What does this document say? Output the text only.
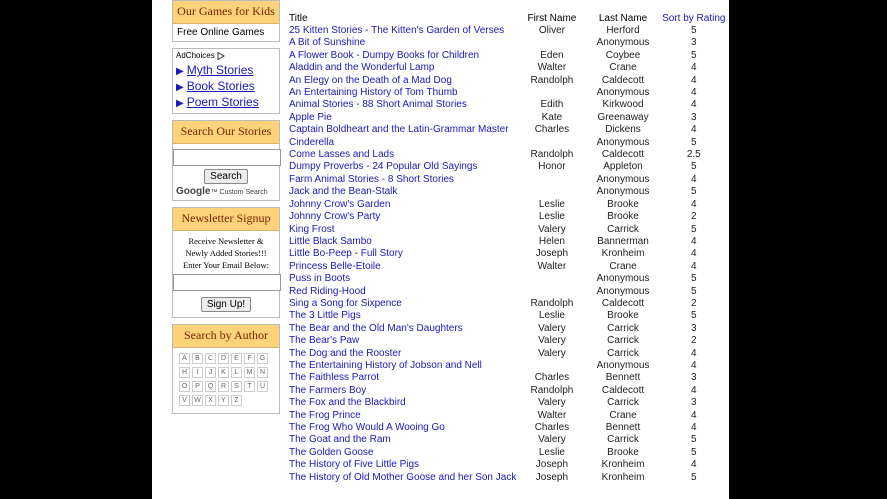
Our Games for Kids
Free Online Games
AdChoices
▶ Myth Stories
▶ Book Stories
▶ Poem Stories
Search Our Stories
Search
Google™ Custom Search
Newsletter Signup
Receive Newsletter &
Newly Added Stories!!!
Enter Your Email Below:
Sign Up!
Search by Author
A	B	C	D	E	F	G
H	I	J	K	L	M	N
O	P	Q	R	S	T	U
V	W	X	Y	Z
Title	First Name	Last Name	Sort by Rating
25 Kitten Stories - The Kitten's Garden of Verses	Oliver	Herford	5
A Bit of Sunshine		Anonymous	3
A Flower Book - Dumpy Books for Children	Eden	Coybee	5
Aladdin and the Wonderful Lamp	Walter	Crane	4
An Elegy on the Death of a Mad Dog	Randolph	Caldecott	4
An Entertaining History of Tom Thumb		Anonymous	4
Animal Stories - 88 Short Animal Stories	Edith	Kirkwood	4
Apple Pie	Kate	Greenaway	3
Captain Boldheart and the Latin-Grammar Master	Charles	Dickens	4
Cinderella		Anonymous	5
Come Lasses and Lads	Randolph	Caldecott	2.5
Dumpy Proverbs - 24 Popular Old Sayings	Honor	Appleton	5
Farm Animal Stories - 8 Short Stories		Anonymous	4
Jack and the Bean-Stalk		Anonymous	5
Johnny Crow's Garden	Leslie	Brooke	4
Johnny Crow's Party	Leslie	Brooke	2
King Frost	Valery	Carrick	5
Little Black Sambo	Helen	Bannerman	4
Little Bo-Peep - Full Story	Joseph	Kronheim	4
Princess Belle-Etoile	Walter	Crane	4
Puss in Boots		Anonymous	5
Red Riding-Hood		Anonymous	5
Sing a Song for Sixpence	Randolph	Caldecott	2
The 3 Little Pigs	Leslie	Brooke	5
The Bear and the Old Man's Daughters	Valery	Carrick	3
The Bear's Paw	Valery	Carrick	2
The Dog and the Rooster	Valery	Carrick	4
The Entertaining History of Jobson and Nell		Anonymous	4
The Faithless Parrot	Charles	Bennett	3
The Farmers Boy	Randolph	Caldecott	4
The Fox and the Blackbird	Valery	Carrick	3
The Frog Prince	Walter	Crane	4
The Frog Who Would A Wooing Go	Charles	Bennett	4
The Goat and the Ram	Valery	Carrick	5
The Golden Goose	Leslie	Brooke	5
The History of Five Little Pigs	Joseph	Kronheim	4
The History of Old Mother Goose and her Son Jack	Joseph	Kronheim	5
